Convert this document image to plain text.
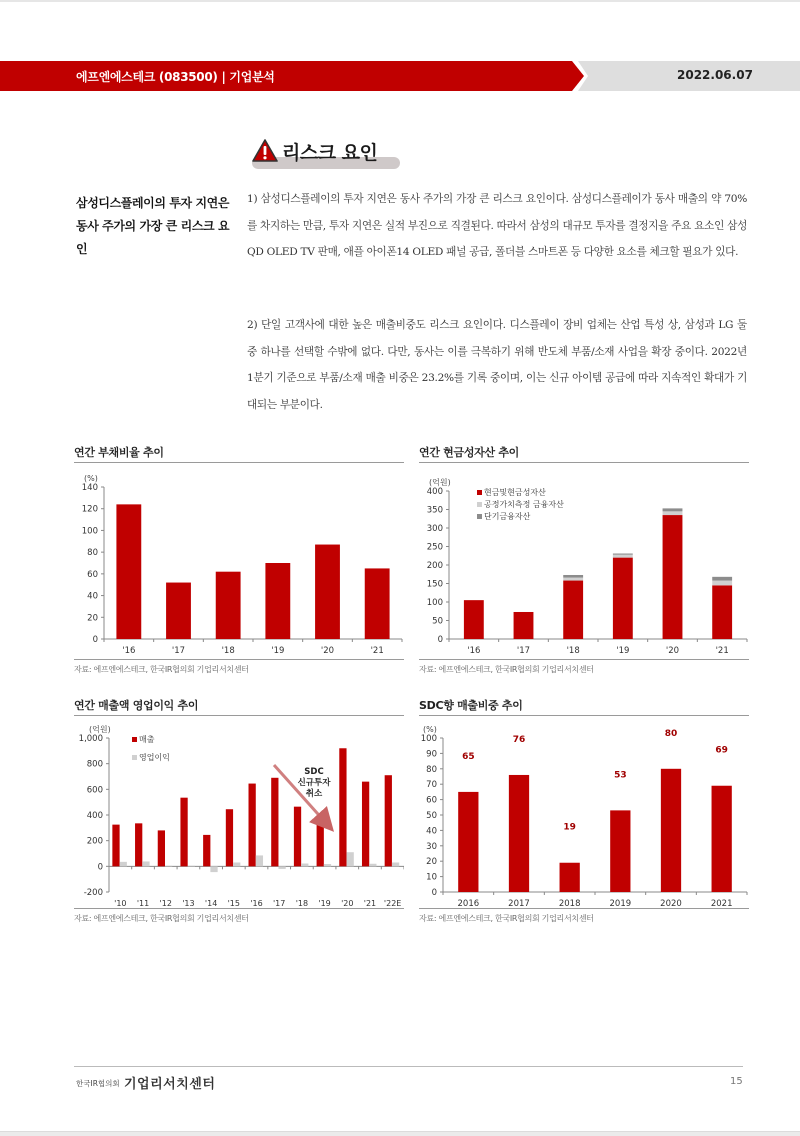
에프엔에스테크 (083500) | 기업분석	2022.06.07
리스크 요인
삼성디스플레이의 투자 지연은
동사 주가의 가장 큰 리스크 요인

1) 삼성디스플레이의 투자 지연은 동사 주가의 가장 큰 리스크 요인이다. 삼성디스플레이가 동사 매출의 약 70%를 차지하는 만큼, 투자 지연은 실적 부진으로 직결된다. 따라서 삼성의 대규모 투자를 결정지을 주요 요소인 삼성 QD OLED TV 판매, 애플 아이폰14 OLED 패널 공급, 폴더블 스마트폰 등 다양한 요소를 체크할 필요가 있다.

2) 단일 고객사에 대한 높은 매출비중도 리스크 요인이다. 디스플레이 장비 업체는 산업 특성 상, 삼성과 LG 둘 중 하나를 선택할 수밖에 없다. 다만, 동사는 이를 극복하기 위해 반도체 부품/소재 사업을 확장 중이다. 2022년 1분기 기준으로 부품/소재 매출 비중은 23.2%를 기록 중이며, 이는 신규 아이템 공급에 따라 지속적인 확대가 기대되는 부분이다.

연간 부채비율 추이
(%)
0
20
40
60
80
100
120
140
'16	'17	'18	'19	'20	'21
자료: 에프엔에스테크, 한국IR협의회 기업리서치센터
연간 현금성자산 추이
(억원)
0
50
100
150
200
250
300
350
400
'16	'17	'18	'19	'20	'21
현금및현금성자산
공정가치측정 금융자산
단기금융자산
자료: 에프엔에스테크, 한국IR협의회 기업리서치센터
연간 매출액 영업이익 추이
(억원)
-200
0
200
400
600
800
1,000
'10 '11 '12 '13 '14 '15 '16 '17 '18 '19 '20 '21 '22E
매출
영업이익
SDC
신규투자
취소
자료: 에프엔에스테크, 한국IR협의회 기업리서치센터
SDC향 매출비중 추이
(%)
0
10
20
30
40
50
60
70
80
90
100
2016
65
2017
76
2018
19
2019
53
2020
80
2021
69
자료: 에프엔에스테크, 한국IR협의회 기업리서치센터
한국IR협의회 기업리서치센터	15
